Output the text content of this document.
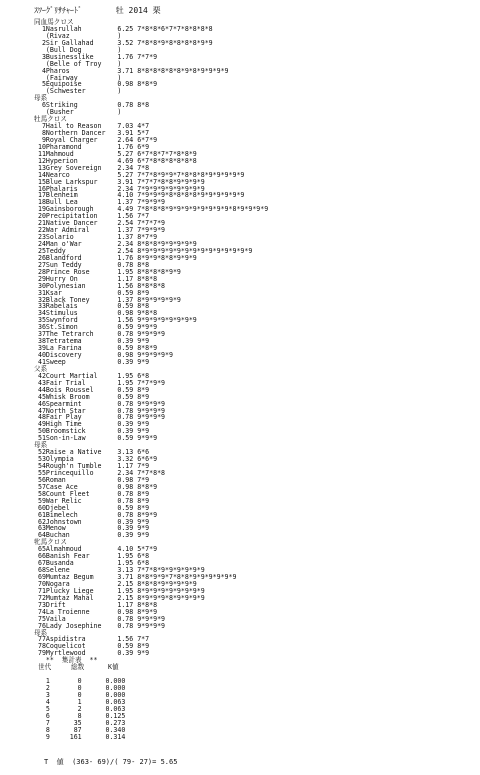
ｽﾜｰｸﾞﾘｻﾁｬｰﾄﾞ       牡 2014 栗
同血馬クロス
1Nasrullah         6.25 7*8*8*6*7*7*8*8*8*8
(Rivaz            )
2Sir Gallahad      3.52 7*8*8*9*8*8*8*8*9*9
(Bull Dog         )
3Businesslike      1.76 7*7*9
(Belle of Troy    )
4Pharos            3.71 8*8*8*8*8*8*9*8*9*9*9*9
(Fairway          )
5Equipoise         0.98 8*8*9
(Schwester        )
母系
6Striking          0.78 8*8
(Busher           )
牡馬クロス
7Hail to Reason    7.03 4*7
8Northern Dancer   3.91 5*7
9Royal Charger     2.64 6*7*9
10Pharamond         1.76 6*9
11Mahmoud           5.27 6*7*8*7*7*8*8*9
12Hyperion          4.69 6*7*8*8*8*8*8*8
13Grey Sovereign    2.34 7*8
14Nearco            5.27 7*7*8*9*9*7*8*8*8*9*9*9*9*9
15Blue Larkspur     3.91 7*7*7*8*8*9*9*9*9
16Phalaris          2.34 7*9*9*9*9*9*9*9*9
17Blenheim          4.10 7*9*9*9*8*8*8*8*9*9*9*9*9*9
18Bull Lea          1.37 7*9*9*9
19Gainsborough      4.49 7*8*8*8*9*9*9*9*9*9*9*9*8*9*9*9*9
20Precipitation     1.56 7*7
21Native Dancer     2.54 7*7*7*9
22War Admiral       1.37 7*9*9*9
23Solario           1.37 8*7*9
24Man o'War         2.34 8*8*8*9*9*9*9*9
25Teddy             2.54 8*9*9*9*9*9*9*9*9*9*9*9*9*9*9
26Blandford         1.76 8*9*9*8*8*9*9*9
27Sun Teddy         0.78 8*8
28Prince Rose       1.95 8*8*8*8*9*9
29Hurry On          1.17 8*8*8
30Polynesian        1.56 8*8*8*8
31Ksar              0.59 8*9
32Black Toney       1.37 8*9*9*9*9*9
33Rabelais          0.59 8*8
34Stimulus          0.98 9*8*8
35Swynford          1.56 9*9*9*9*9*9*9*9
36St.Simon          0.59 9*9*9
37The Tetrarch      0.78 9*9*9*9
38Tetratema         0.39 9*9
39La Farina         0.59 8*8*9
40Discovery         0.98 9*9*9*9*9
41Sweep             0.39 9*9
父系
42Court Martial     1.95 6*8
43Fair Trial        1.95 7*7*9*9
44Bois Roussel      0.59 8*9
45Whisk Broom       0.59 8*9
46Spearmint         0.78 9*9*9*9
47North Star        0.78 9*9*9*9
48Fair Play         0.78 9*9*9*9
49High Time         0.39 9*9
50Broomstick        0.39 9*9
51Son-in-Law        0.59 9*9*9
母系
52Raise a Native    3.13 6*6
53Olympia           3.32 6*6*9
54Rough'n Tumble    1.17 7*9
55Princequillo      2.34 7*7*8*8
56Roman             0.98 7*9
57Case Ace          0.98 8*8*9
58Count Fleet       0.78 8*9
59War Relic         0.78 8*9
60Djebel            0.59 8*9
61Bimelech          0.78 8*9*9
62Johnstown         0.39 9*9
63Menow             0.39 9*9
64Buchan            0.39 9*9
牝馬クロス
65Almahmoud         4.10 5*7*9
66Banish Fear       1.95 6*8
67Busanda           1.95 6*8
68Selene            3.13 7*7*8*9*9*9*9*9*9
69Mumtaz Begum      3.71 8*8*9*9*7*8*8*9*9*9*9*9*9
70Nogara            2.15 8*8*8*9*9*9*9*9
71Plucky Liege      1.95 8*9*9*9*9*9*9*9*9
72Mumtaz Mahal      2.15 8*9*9*9*8*9*9*9*9
73Drift             1.17 8*8*8
74La Troienne       0.98 8*9*9
75Vaila             0.78 9*9*9*9
76Lady Josephine    0.78 9*9*9*9
母系
77Aspidistra        1.56 7*7
78Coquelicot        0.59 8*9
79Myrtlewood        0.39 9*9
**  集計表  **
世代     総数      K値
1       0      0.000
2       0      0.000
3       0      0.000
4       1      0.063
5       2      0.063
6       8      0.125
7      35      0.273
8      87      0.340
9     161      0.314
T  値  (363- 69)/( 79- 27)= 5.65
